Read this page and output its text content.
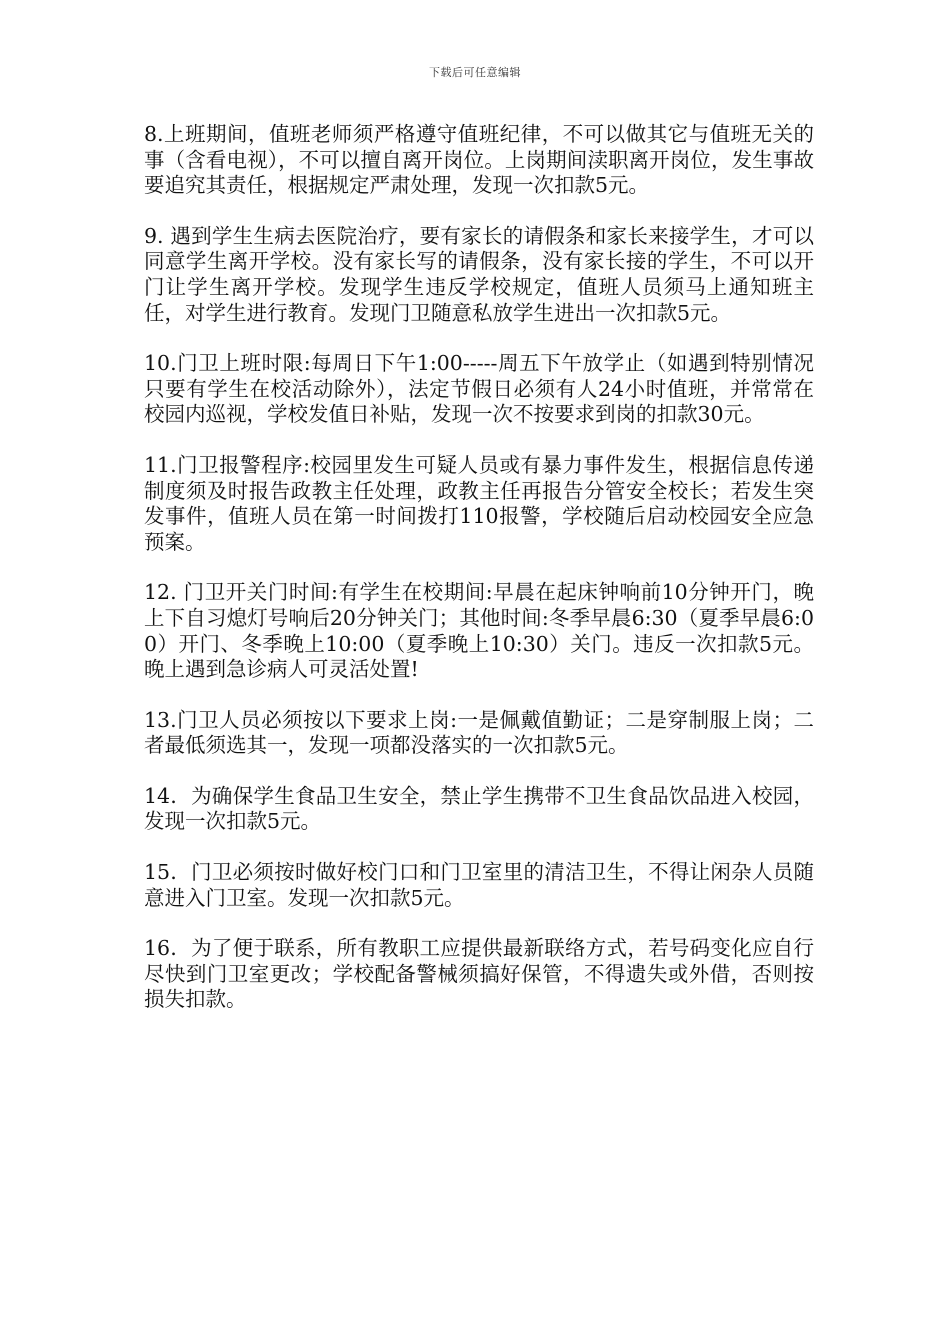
下载后可任意编辑

8.上班期间，值班老师须严格遵守值班纪律，不可以做其它与值班无关的事（含看电视），不可以擅自离开岗位。上岗期间渎职离开岗位，发生事故要追究其责任，根据规定严肃处理，发现一次扣款5元。

9. 遇到学生生病去医院治疗，要有家长的请假条和家长来接学生，才可以同意学生离开学校。没有家长写的请假条，没有家长接的学生，不可以开门让学生离开学校。发现学生违反学校规定，值班人员须马上通知班主任，对学生进行教育。发现门卫随意私放学生进出一次扣款5元。

10.门卫上班时限:每周日下午1:00-----周五下午放学止（如遇到特别情况只要有学生在校活动除外），法定节假日必须有人24小时值班，并常常在校园内巡视，学校发值日补贴，发现一次不按要求到岗的扣款30元。

11.门卫报警程序:校园里发生可疑人员或有暴力事件发生，根据信息传递制度须及时报告政教主任处理，政教主任再报告分管安全校长；若发生突发事件，值班人员在第一时间拨打110报警，学校随后启动校园安全应急预案。

12. 门卫开关门时间:有学生在校期间:早晨在起床钟响前10分钟开门，晚上下自习熄灯号响后20分钟关门；其他时间:冬季早晨6:30（夏季早晨6:00）开门、冬季晚上10:00（夏季晚上10:30）关门。违反一次扣款5元。晚上遇到急诊病人可灵活处置!

13.门卫人员必须按以下要求上岗:一是佩戴值勤证；二是穿制服上岗；二者最低须选其一，发现一项都没落实的一次扣款5元。

14．为确保学生食品卫生安全，禁止学生携带不卫生食品饮品进入校园，发现一次扣款5元。

15．门卫必须按时做好校门口和门卫室里的清洁卫生，不得让闲杂人员随意进入门卫室。发现一次扣款5元。

16．为了便于联系，所有教职工应提供最新联络方式，若号码变化应自行尽快到门卫室更改；学校配备警械须搞好保管，不得遗失或外借，否则按损失扣款。
